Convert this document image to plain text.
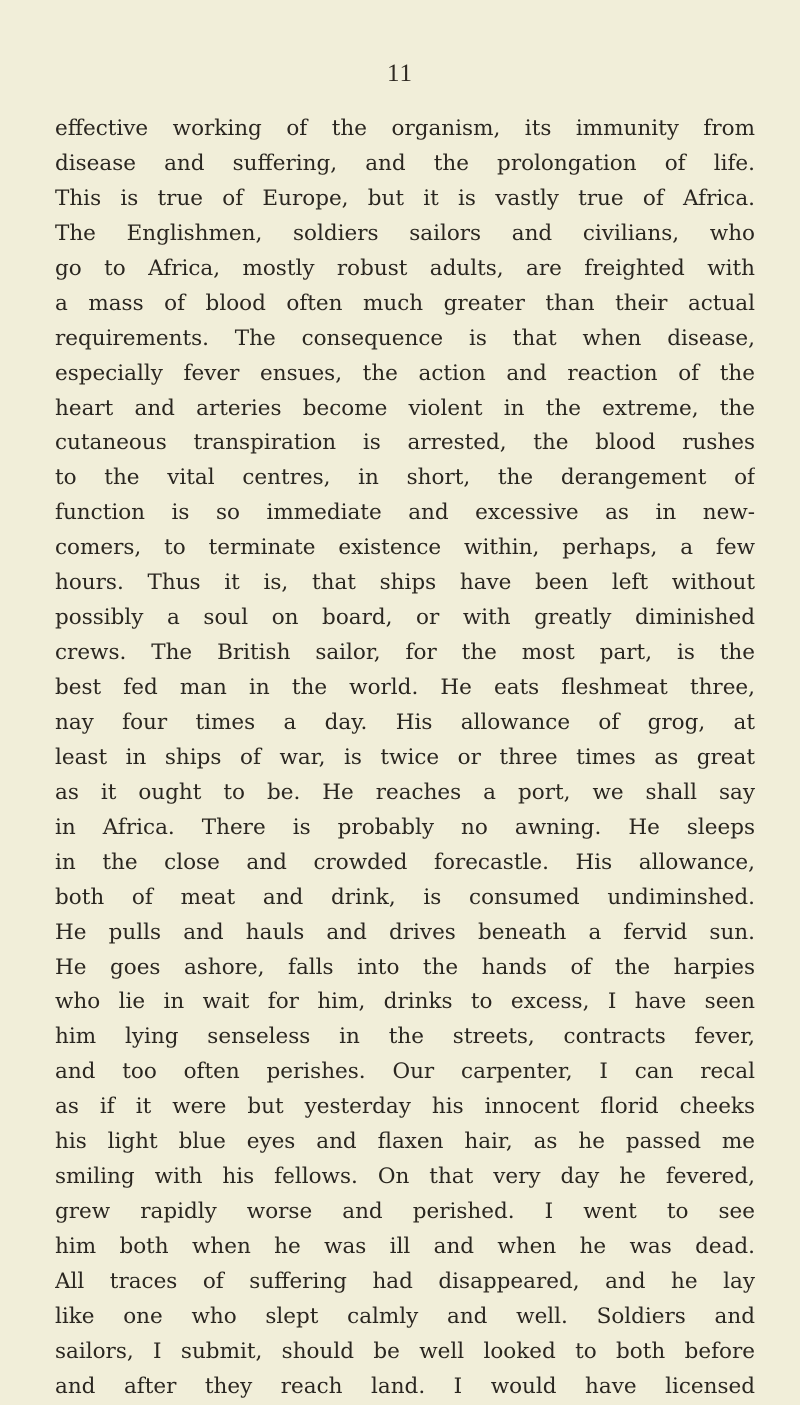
11
effective working of the organism, its immunity from
disease and suffering, and the prolongation of life.
This is true of Europe, but it is vastly true of Africa.
The Englishmen, soldiers sailors and civilians, who
go to Africa, mostly robust adults, are freighted with
a mass of blood often much greater than their actual
requirements. The consequence is that when disease,
especially fever ensues, the action and reaction of the
heart and arteries become violent in the extreme, the
cutaneous transpiration is arrested, the blood rushes
to the vital centres, in short, the derangement of
function is so immediate and excessive as in new-
comers, to terminate existence within, perhaps, a few
hours. Thus it is, that ships have been left without
possibly a soul on board, or with greatly diminished
crews. The British sailor, for the most part, is the
best fed man in the world. He eats fleshmeat three,
nay four times a day. His allowance of grog, at
least in ships of war, is twice or three times as great
as it ought to be. He reaches a port, we shall say
in Africa. There is probably no awning. He sleeps
in the close and crowded forecastle. His allowance,
both of meat and drink, is consumed undiminshed.
He pulls and hauls and drives beneath a fervid sun.
He goes ashore, falls into the hands of the harpies
who lie in wait for him, drinks to excess, I have seen
him lying senseless in the streets, contracts fever,
and too often perishes. Our carpenter, I can recal
as if it were but yesterday his innocent florid cheeks
his light blue eyes and flaxen hair, as he passed me
smiling with his fellows. On that very day he fevered,
grew rapidly worse and perished. I went to see
him both when he was ill and when he was dead.
All traces of suffering had disappeared, and he lay
like one who slept calmly and well. Soldiers and
sailors, I submit, should be well looked to both before
and after they reach land. I would have licensed
